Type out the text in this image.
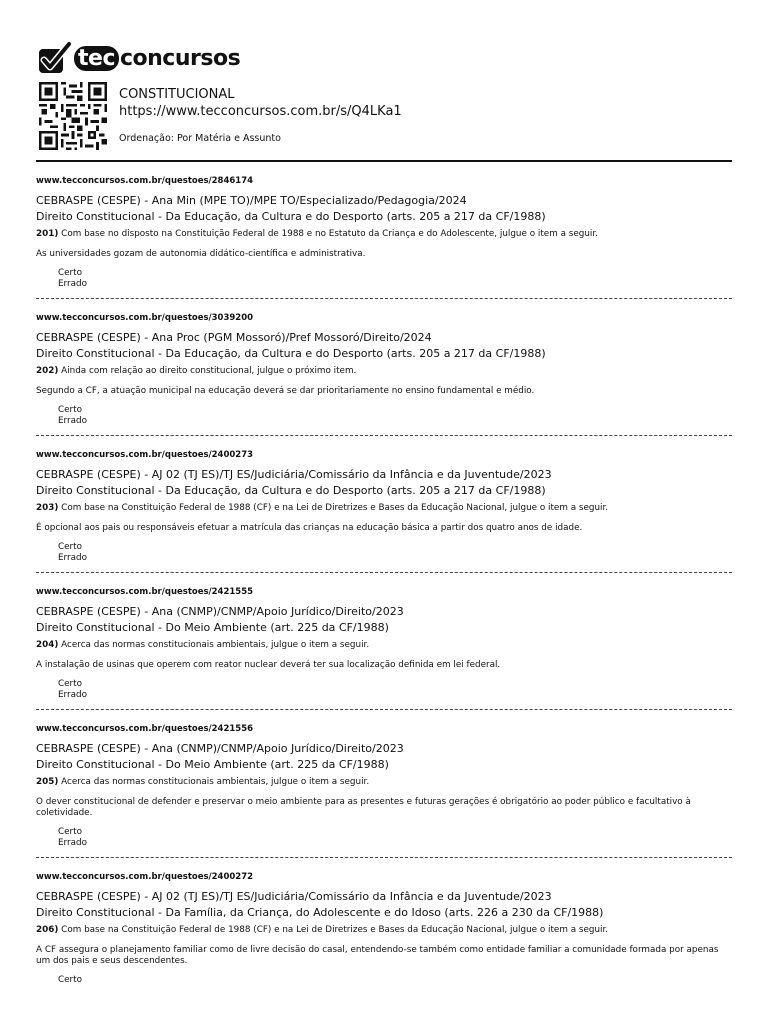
tec concursos
CONSTITUCIONAL
https://www.tecconcursos.com.br/s/Q4LKa1
Ordenação: Por Matéria e Assunto
www.tecconcursos.com.br/questoes/2846174
CEBRASPE (CESPE) - Ana Min (MPE TO)/MPE TO/Especializado/Pedagogia/2024
Direito Constitucional - Da Educação, da Cultura e do Desporto (arts. 205 a 217 da CF/1988)
201) Com base no disposto na Constituição Federal de 1988 e no Estatuto da Criança e do Adolescente, julgue o item a seguir.
As universidades gozam de autonomia didático-científica e administrativa.
Certo
Errado
www.tecconcursos.com.br/questoes/3039200
CEBRASPE (CESPE) - Ana Proc (PGM Mossoró)/Pref Mossoró/Direito/2024
Direito Constitucional - Da Educação, da Cultura e do Desporto (arts. 205 a 217 da CF/1988)
202) Ainda com relação ao direito constitucional, julgue o próximo item.
Segundo a CF, a atuação municipal na educação deverá se dar prioritariamente no ensino fundamental e médio.
Certo
Errado
www.tecconcursos.com.br/questoes/2400273
CEBRASPE (CESPE) - AJ 02 (TJ ES)/TJ ES/Judiciária/Comissário da Infância e da Juventude/2023
Direito Constitucional - Da Educação, da Cultura e do Desporto (arts. 205 a 217 da CF/1988)
203) Com base na Constituição Federal de 1988 (CF) e na Lei de Diretrizes e Bases da Educação Nacional, julgue o item a seguir.
É opcional aos pais ou responsáveis efetuar a matrícula das crianças na educação básica a partir dos quatro anos de idade.
Certo
Errado
www.tecconcursos.com.br/questoes/2421555
CEBRASPE (CESPE) - Ana (CNMP)/CNMP/Apoio Jurídico/Direito/2023
Direito Constitucional - Do Meio Ambiente (art. 225 da CF/1988)
204) Acerca das normas constitucionais ambientais, julgue o item a seguir.
A instalação de usinas que operem com reator nuclear deverá ter sua localização definida em lei federal.
Certo
Errado
www.tecconcursos.com.br/questoes/2421556
CEBRASPE (CESPE) - Ana (CNMP)/CNMP/Apoio Jurídico/Direito/2023
Direito Constitucional - Do Meio Ambiente (art. 225 da CF/1988)
205) Acerca das normas constitucionais ambientais, julgue o item a seguir.
O dever constitucional de defender e preservar o meio ambiente para as presentes e futuras gerações é obrigatório ao poder público e facultativo à coletividade.
Certo
Errado
www.tecconcursos.com.br/questoes/2400272
CEBRASPE (CESPE) - AJ 02 (TJ ES)/TJ ES/Judiciária/Comissário da Infância e da Juventude/2023
Direito Constitucional - Da Família, da Criança, do Adolescente e do Idoso (arts. 226 a 230 da CF/1988)
206) Com base na Constituição Federal de 1988 (CF) e na Lei de Diretrizes e Bases da Educação Nacional, julgue o item a seguir.
A CF assegura o planejamento familiar como de livre decisão do casal, entendendo-se também como entidade familiar a comunidade formada por apenas um dos pais e seus descendentes.
Certo
